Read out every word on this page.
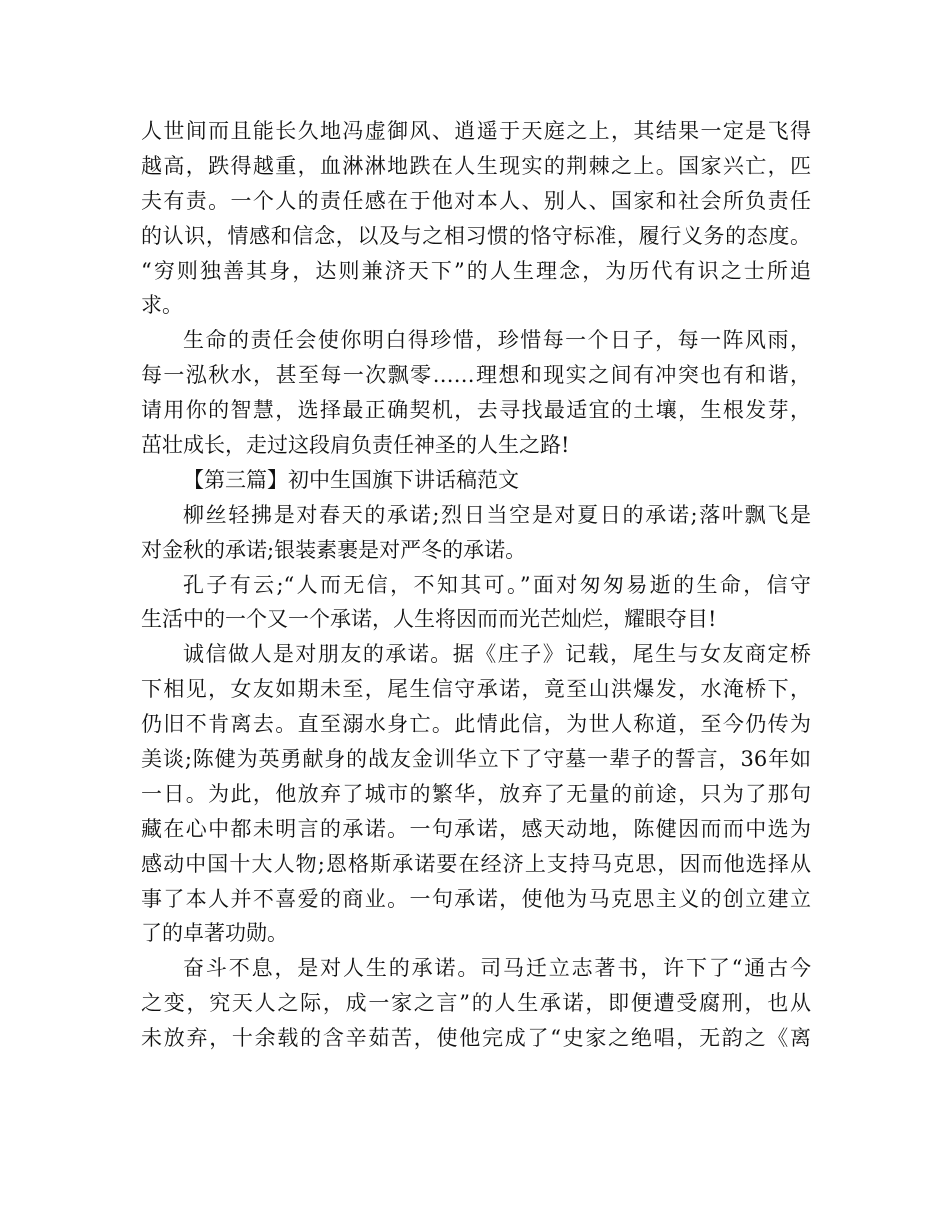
人世间而且能长久地冯虚御风、逍遥于天庭之上，其结果一定是飞得
越高，跌得越重，血淋淋地跌在人生现实的荆棘之上。国家兴亡，匹
夫有责。一个人的责任感在于他对本人、别人、国家和社会所负责任
的认识，情感和信念，以及与之相习惯的恪守标准，履行义务的态度。
“穷则独善其身，达则兼济天下”的人生理念，为历代有识之士所追
求。
生命的责任会使你明白得珍惜，珍惜每一个日子，每一阵风雨，
每一泓秋水，甚至每一次飘零……理想和现实之间有冲突也有和谐，
请用你的智慧，选择最正确契机，去寻找最适宜的土壤，生根发芽，
茁壮成长，走过这段肩负责任神圣的人生之路!
【第三篇】初中生国旗下讲话稿范文
柳丝轻拂是对春天的承诺;烈日当空是对夏日的承诺;落叶飘飞是
对金秋的承诺;银装素裹是对严冬的承诺。
孔子有云;“人而无信，不知其可。”面对匆匆易逝的生命，信守
生活中的一个又一个承诺，人生将因而而光芒灿烂，耀眼夺目!
诚信做人是对朋友的承诺。据《庄子》记载，尾生与女友商定桥
下相见，女友如期未至，尾生信守承诺，竟至山洪爆发，水淹桥下，
仍旧不肯离去。直至溺水身亡。此情此信，为世人称道，至今仍传为
美谈;陈健为英勇献身的战友金训华立下了守墓一辈子的誓言，36年如
一日。为此，他放弃了城市的繁华，放弃了无量的前途，只为了那句
藏在心中都未明言的承诺。一句承诺，感天动地，陈健因而而中选为
感动中国十大人物;恩格斯承诺要在经济上支持马克思，因而他选择从
事了本人并不喜爱的商业。一句承诺，使他为马克思主义的创立建立
了的卓著功勋。
奋斗不息，是对人生的承诺。司马迁立志著书，许下了“通古今
之变，究天人之际，成一家之言”的人生承诺，即便遭受腐刑，也从
未放弃，十余载的含辛茹苦，使他完成了“史家之绝唱，无韵之《离
